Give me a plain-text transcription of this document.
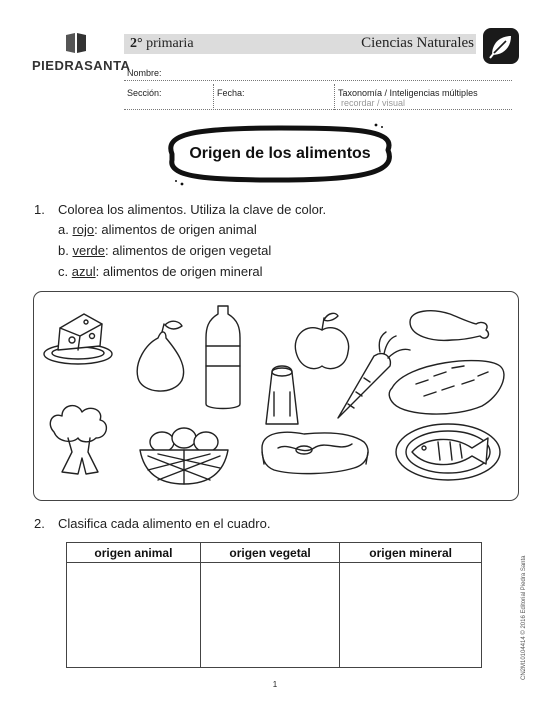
PIEDRASANTA
2° primaria	Ciencias Naturales
Nombre:
Sección:	Fecha:	Taxonomía / Inteligencias múltiples
recordar / visual
Origen de los alimentos
1. Colorea los alimentos. Utiliza la clave de color.
a. rojo: alimentos de origen animal
b. verde: alimentos de origen vegetal
c. azul: alimentos de origen mineral
2. Clasifica cada alimento en el cuadro.
origen animal	origen vegetal	origen mineral

CN2M10104414 © 2016 Editorial Piedra Santa
1
